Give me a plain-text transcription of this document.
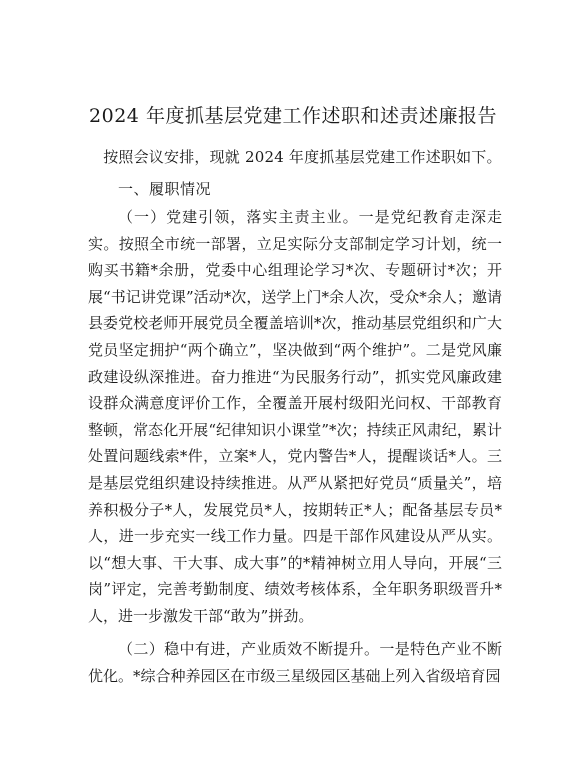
2024 年度抓基层党建工作述职和述责述廉报告
　按照会议安排，现就 2024 年度抓基层党建工作述职如下。
一、履职情况
（一）党建引领，落实主责主业。一是党纪教育走深走实。按照全市统一部署，立足实际分支部制定学习计划，统一购买书籍*余册，党委中心组理论学习*次、专题研讨*次；开展“书记讲党课”活动*次，送学上门*余人次，受众*余人；邀请县委党校老师开展党员全覆盖培训*次，推动基层党组织和广大党员坚定拥护“两个确立”，坚决做到“两个维护”。二是党风廉政建设纵深推进。奋力推进“为民服务行动”，抓实党风廉政建设群众满意度评价工作，全覆盖开展村级阳光问权、干部教育整顿，常态化开展“纪律知识小课堂”*次；持续正风肃纪，累计处置问题线索*件，立案*人，党内警告*人，提醒谈话*人。三是基层党组织建设持续推进。从严从紧把好党员“质量关”，培养积极分子*人，发展党员*人，按期转正*人；配备基层专员*人，进一步充实一线工作力量。四是干部作风建设从严从实。以“想大事、干大事、成大事”的*精神树立用人导向，开展“三岗”评定，完善考勤制度、绩效考核体系，全年职务职级晋升*人，进一步激发干部“敢为”拼劲。
（二）稳中有进，产业质效不断提升。一是特色产业不断优化。*综合种养园区在市级三星级园区基础上列入省级培育园
